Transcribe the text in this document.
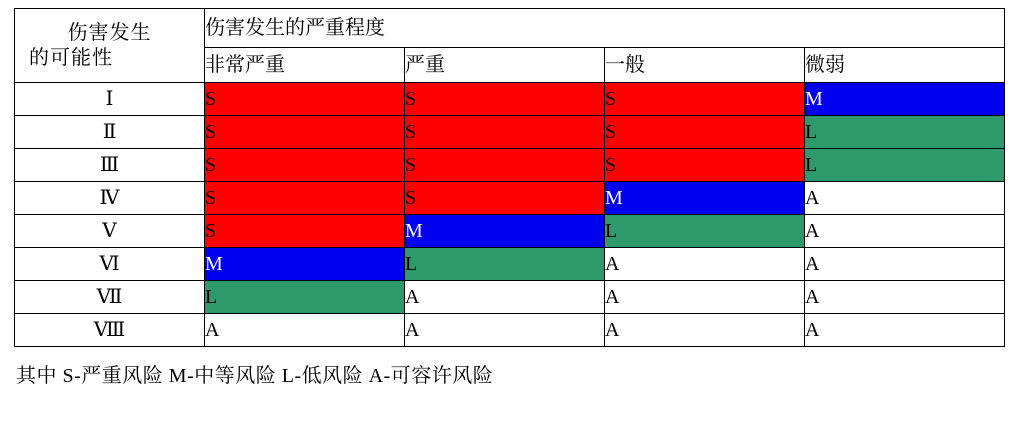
伤害发生
的可能性	伤害发生的严重程度			
	非常严重	严重	一般	微弱
Ⅰ	S	S	S	M
Ⅱ	S	S	S	L
Ⅲ	S	S	S	L
Ⅳ	S	S	M	A
Ⅴ	S	M	L	A
Ⅵ	M	L	A	A
Ⅶ	L	A	A	A
Ⅷ	A	A	A	A
其中 S-严重风险 M-中等风险 L-低风险 A-可容许风险
